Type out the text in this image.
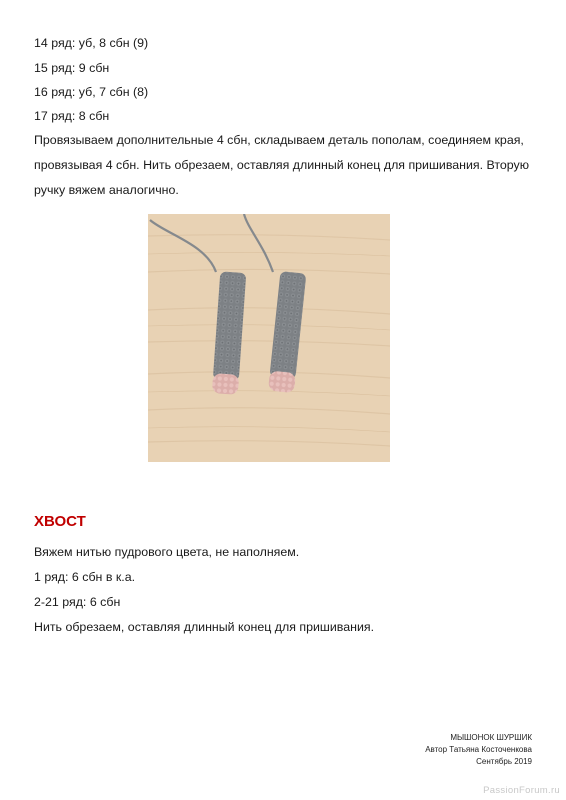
14 ряд: уб, 8 сбн (9)
15 ряд: 9 сбн
16 ряд: уб, 7 сбн (8)
17 ряд: 8 сбн
Провязываем дополнительные 4 сбн, складываем деталь пополам, соединяем края,
провязывая 4 сбн. Нить обрезаем, оставляя длинный конец для пришивания. Вторую
ручку вяжем аналогично.
ХВОСТ
Вяжем нитью пудрового цвета, не наполняем.
1 ряд: 6 сбн в к.а.
2-21 ряд: 6 сбн
Нить обрезаем, оставляя длинный конец для пришивания.
МЫШОНОК ШУРШИК
Автор Татьяна Косточенкова
Сентябрь 2019
PassionForum.ru
